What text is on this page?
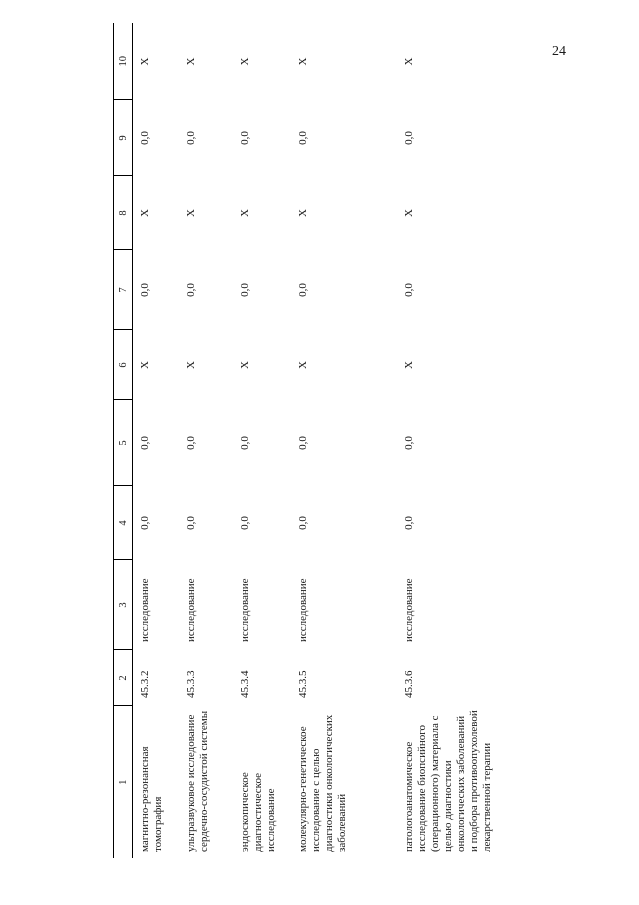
24
1	2	3	4	5	6	7	8	9	10
магнитно-резонансная томография	45.3.2	исследование	0,0	0,0	X	0,0	X	0,0	X
ультразвуковое исследование сердечно-сосудистой системы	45.3.3	исследование	0,0	0,0	X	0,0	X	0,0	X
эндоскопическое диагностическое исследование	45.3.4	исследование	0,0	0,0	X	0,0	X	0,0	X
молекулярно-генетическое исследование с целью диагностики онкологических заболеваний	45.3.5	исследование	0,0	0,0	X	0,0	X	0,0	X
патологоанатомическое исследование биопсийного (операционного) материала с целью диагностики онкологических заболеваний и подбора противоопухолевой лекарственной терапии	45.3.6	исследование	0,0	0,0	X	0,0	X	0,0	X
